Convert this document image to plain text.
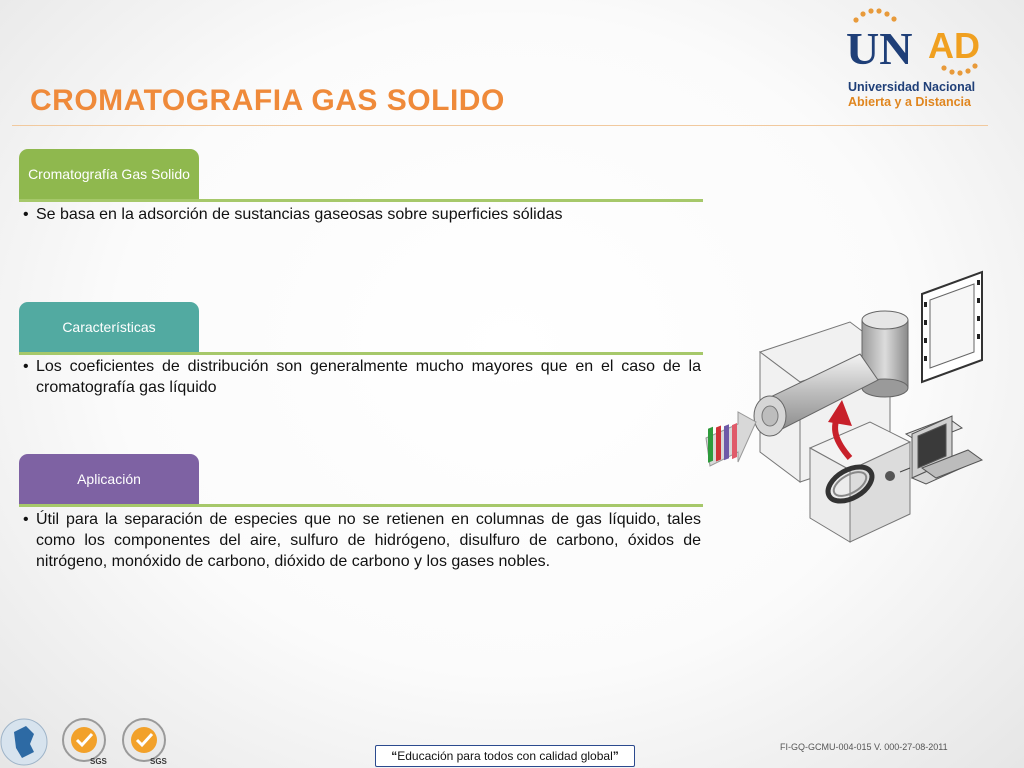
CROMATOGRAFIA GAS SOLIDO
UN AD
Universidad Nacional
Abierta y a Distancia
Cromatografía Gas Solido
• Se basa en la adsorción de sustancias gaseosas sobre superficies sólidas
Características
• Los coeficientes de distribución son generalmente mucho mayores que en el caso de la cromatografía gas líquido
Aplicación
• Útil para la separación de especies que no se retienen en columnas de gas líquido, tales como los componentes del aire, sulfuro de hidrógeno, disulfuro de carbono, óxidos de nitrógeno, monóxido de carbono, dióxido de carbono y los gases nobles.
SGS	SGS	“Educación para todos con calidad global”
FI-GQ-GCMU-004-015 V. 000-27-08-2011
